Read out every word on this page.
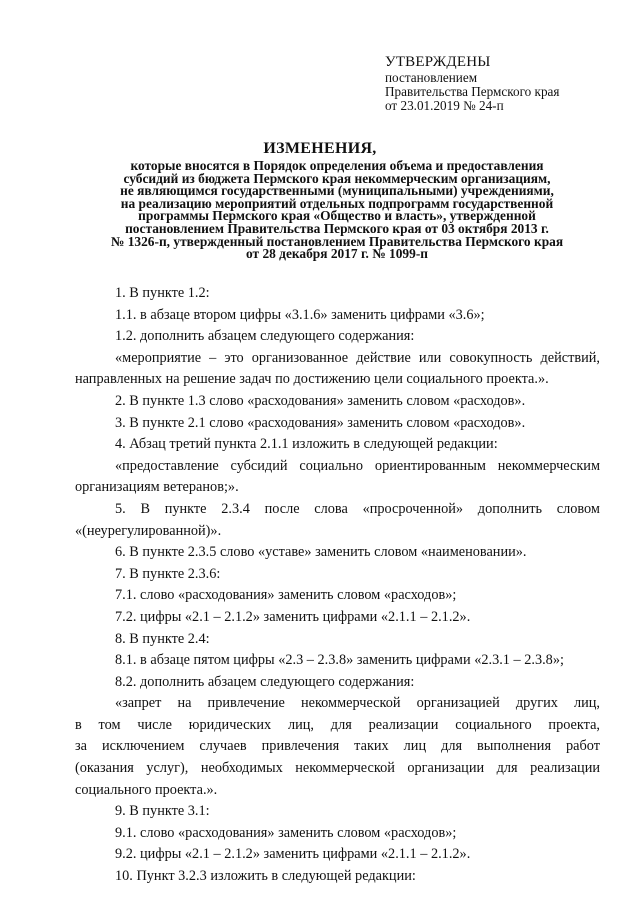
УТВЕРЖДЕНЫ
постановлением
Правительства Пермского края
от 23.01.2019 № 24-п
ИЗМЕНЕНИЯ,
которые вносятся в Порядок определения объема и предоставления
субсидий из бюджета Пермского края некоммерческим организациям,
не являющимся государственными (муниципальными) учреждениями,
на реализацию мероприятий отдельных подпрограмм государственной
программы Пермского края «Общество и власть», утвержденной
постановлением Правительства Пермского края от 03 октября 2013 г.
№ 1326-п, утвержденный постановлением Правительства Пермского края
от 28 декабря 2017 г. № 1099-п
1. В пункте 1.2:
1.1. в абзаце втором цифры «3.1.6» заменить цифрами «3.6»;
1.2. дополнить абзацем следующего содержания:
«мероприятие – это организованное действие или совокупность действий,
направленных на решение задач по достижению цели социального проекта.».
2. В пункте 1.3 слово «расходования» заменить словом «расходов».
3. В пункте 2.1 слово «расходования» заменить словом «расходов».
4. Абзац третий пункта 2.1.1 изложить в следующей редакции:
«предоставление субсидий социально ориентированным некоммерческим
организациям ветеранов;».
5. В пункте 2.3.4 после слова «просроченной» дополнить словом
«(неурегулированной)».
6. В пункте 2.3.5 слово «уставе» заменить словом «наименовании».
7. В пункте 2.3.6:
7.1. слово «расходования» заменить словом «расходов»;
7.2. цифры «2.1 – 2.1.2» заменить цифрами «2.1.1 – 2.1.2».
8. В пункте 2.4:
8.1. в абзаце пятом цифры «2.3 – 2.3.8» заменить цифрами «2.3.1 – 2.3.8»;
8.2. дополнить абзацем следующего содержания:
«запрет на привлечение некоммерческой организацией других лиц,
в том числе юридических лиц, для реализации социального проекта,
за исключением случаев привлечения таких лиц для выполнения работ
(оказания услуг), необходимых некоммерческой организации для реализации
социального проекта.».
9. В пункте 3.1:
9.1. слово «расходования» заменить словом «расходов»;
9.2. цифры «2.1 – 2.1.2» заменить цифрами «2.1.1 – 2.1.2».
10. Пункт 3.2.3 изложить в следующей редакции:
